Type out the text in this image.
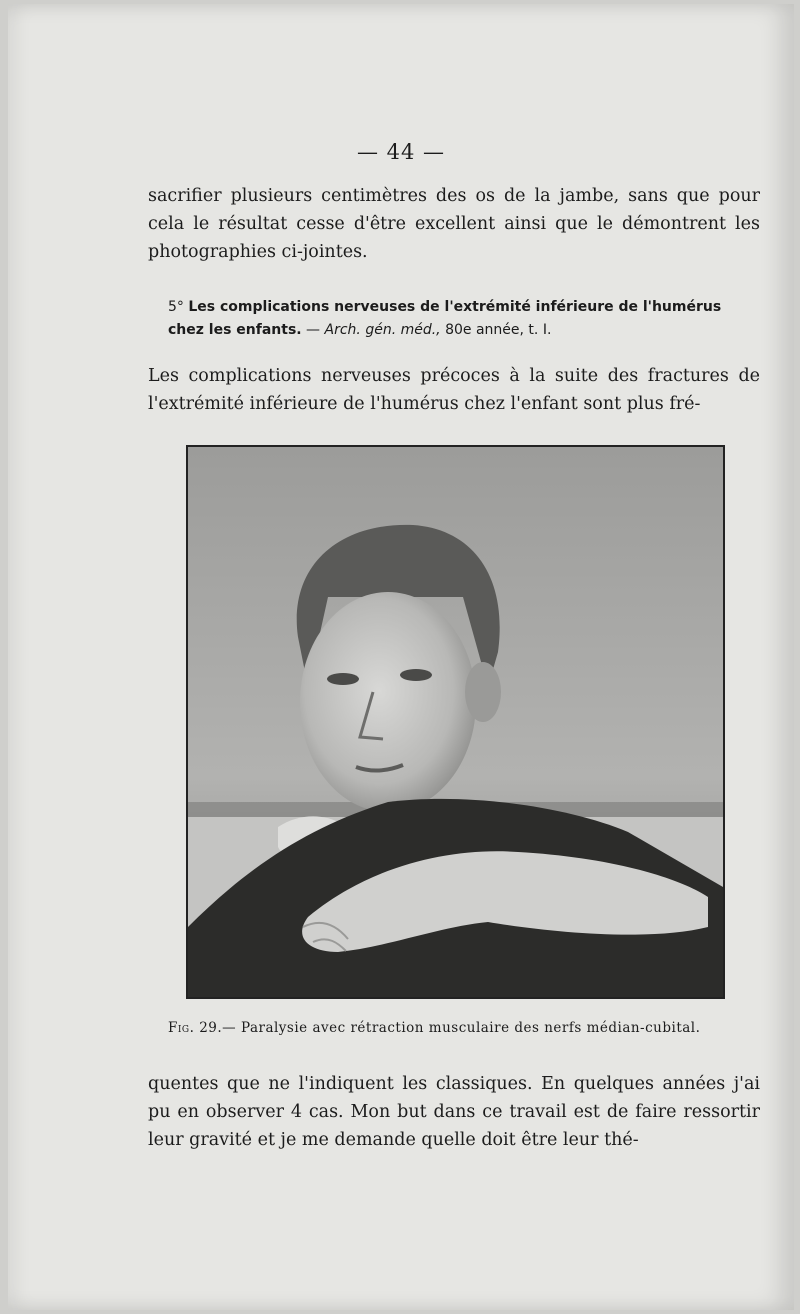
— 44 —

sacrifier plusieurs centimètres des os de la jambe, sans que pour cela le résultat cesse d'être excellent ainsi que le démontrent les photographies ci-jointes.

5° Les complications nerveuses de l'extrémité inférieure de l'humérus chez les enfants. — Arch. gén. méd., 80e année, t. I.

Les complications nerveuses précoces à la suite des fractures de l'extrémité inférieure de l'humérus chez l'enfant sont plus fré-

Fig. 29.— Paralysie avec rétraction musculaire des nerfs médian-cubital.

quentes que ne l'indiquent les classiques. En quelques années j'ai pu en observer 4 cas. Mon but dans ce travail est de faire ressortir leur gravité et je me demande quelle doit être leur thé-
